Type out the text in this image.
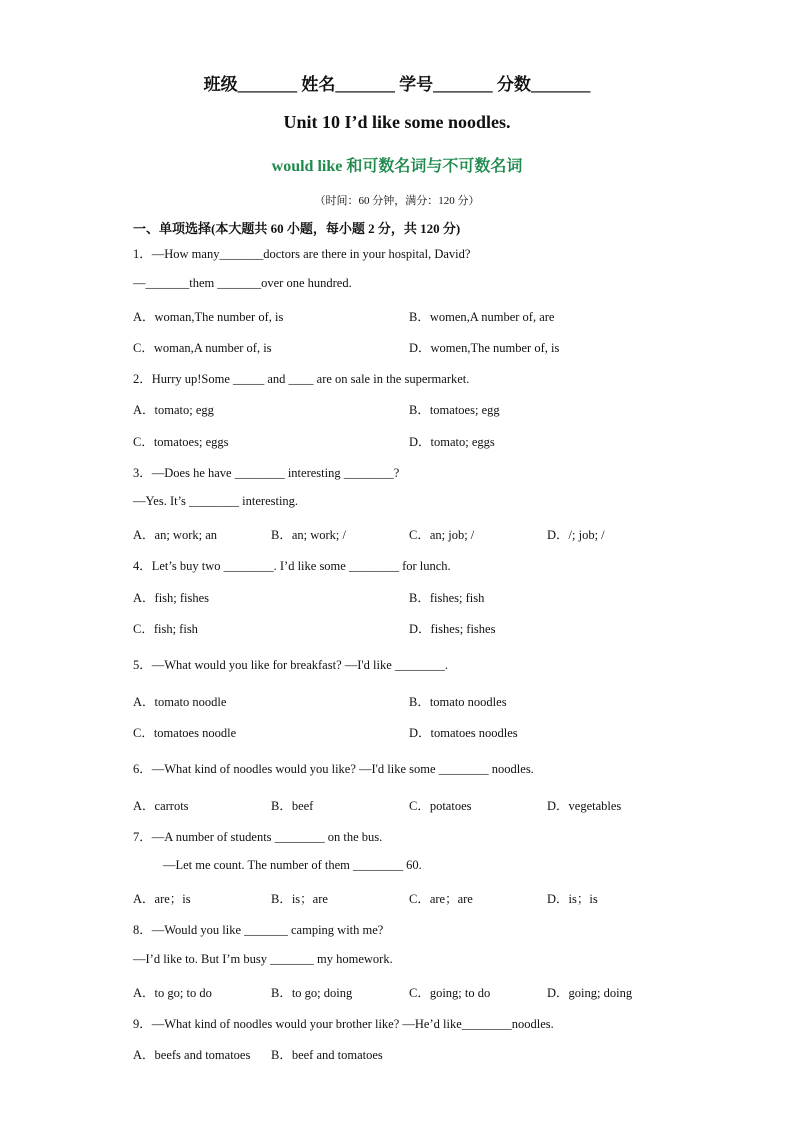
班级_______ 姓名_______ 学号_______ 分数_______
Unit 10 I’d like some noodles.
would like 和可数名词与不可数名词
（时间：60 分钟，满分：120 分）
一、单项选择(本大题共 60 小题，每小题 2 分，共 120 分)
1．—How many_______doctors are there in your hospital, David?
—_______them _______over one hundred.
A．woman,The number of, is	B．women,A number of, are
C．woman,A number of, is	D．women,The number of, is
2．Hurry up!Some _____ and ____ are on sale in the supermarket.
A．tomato; egg	B．tomatoes; egg
C．tomatoes; eggs	D．tomato; eggs
3．—Does he have ________ interesting ________?
—Yes. It’s ________ interesting.
A．an; work; an	B．an; work; /	C．an; job; /	D．/; job; /
4．Let’s buy two ________. I’d like some ________ for lunch.
A．fish; fishes	B．fishes; fish
C．fish; fish	D．fishes; fishes
5．—What would you like for breakfast? —I'd like ________.
A．tomato noodle	B．tomato noodles
C．tomatoes noodle	D．tomatoes noodles
6．—What kind of noodles would you like? —I'd like some ________ noodles.
A．carrots	B．beef	C．potatoes	D．vegetables
7．—A number of students ________ on the bus.
—Let me count. The number of them ________ 60.
A．are；is	B．is；are	C．are；are	D．is；is
8．—Would you like _______ camping with me?
—I’d like to. But I’m busy _______ my homework.
A．to go; to do	B．to go; doing	C．going; to do	D．going; doing
9．—What kind of noodles would your brother like? —He’d like________noodles.
A．beefs and tomatoes B．beef and tomatoes
